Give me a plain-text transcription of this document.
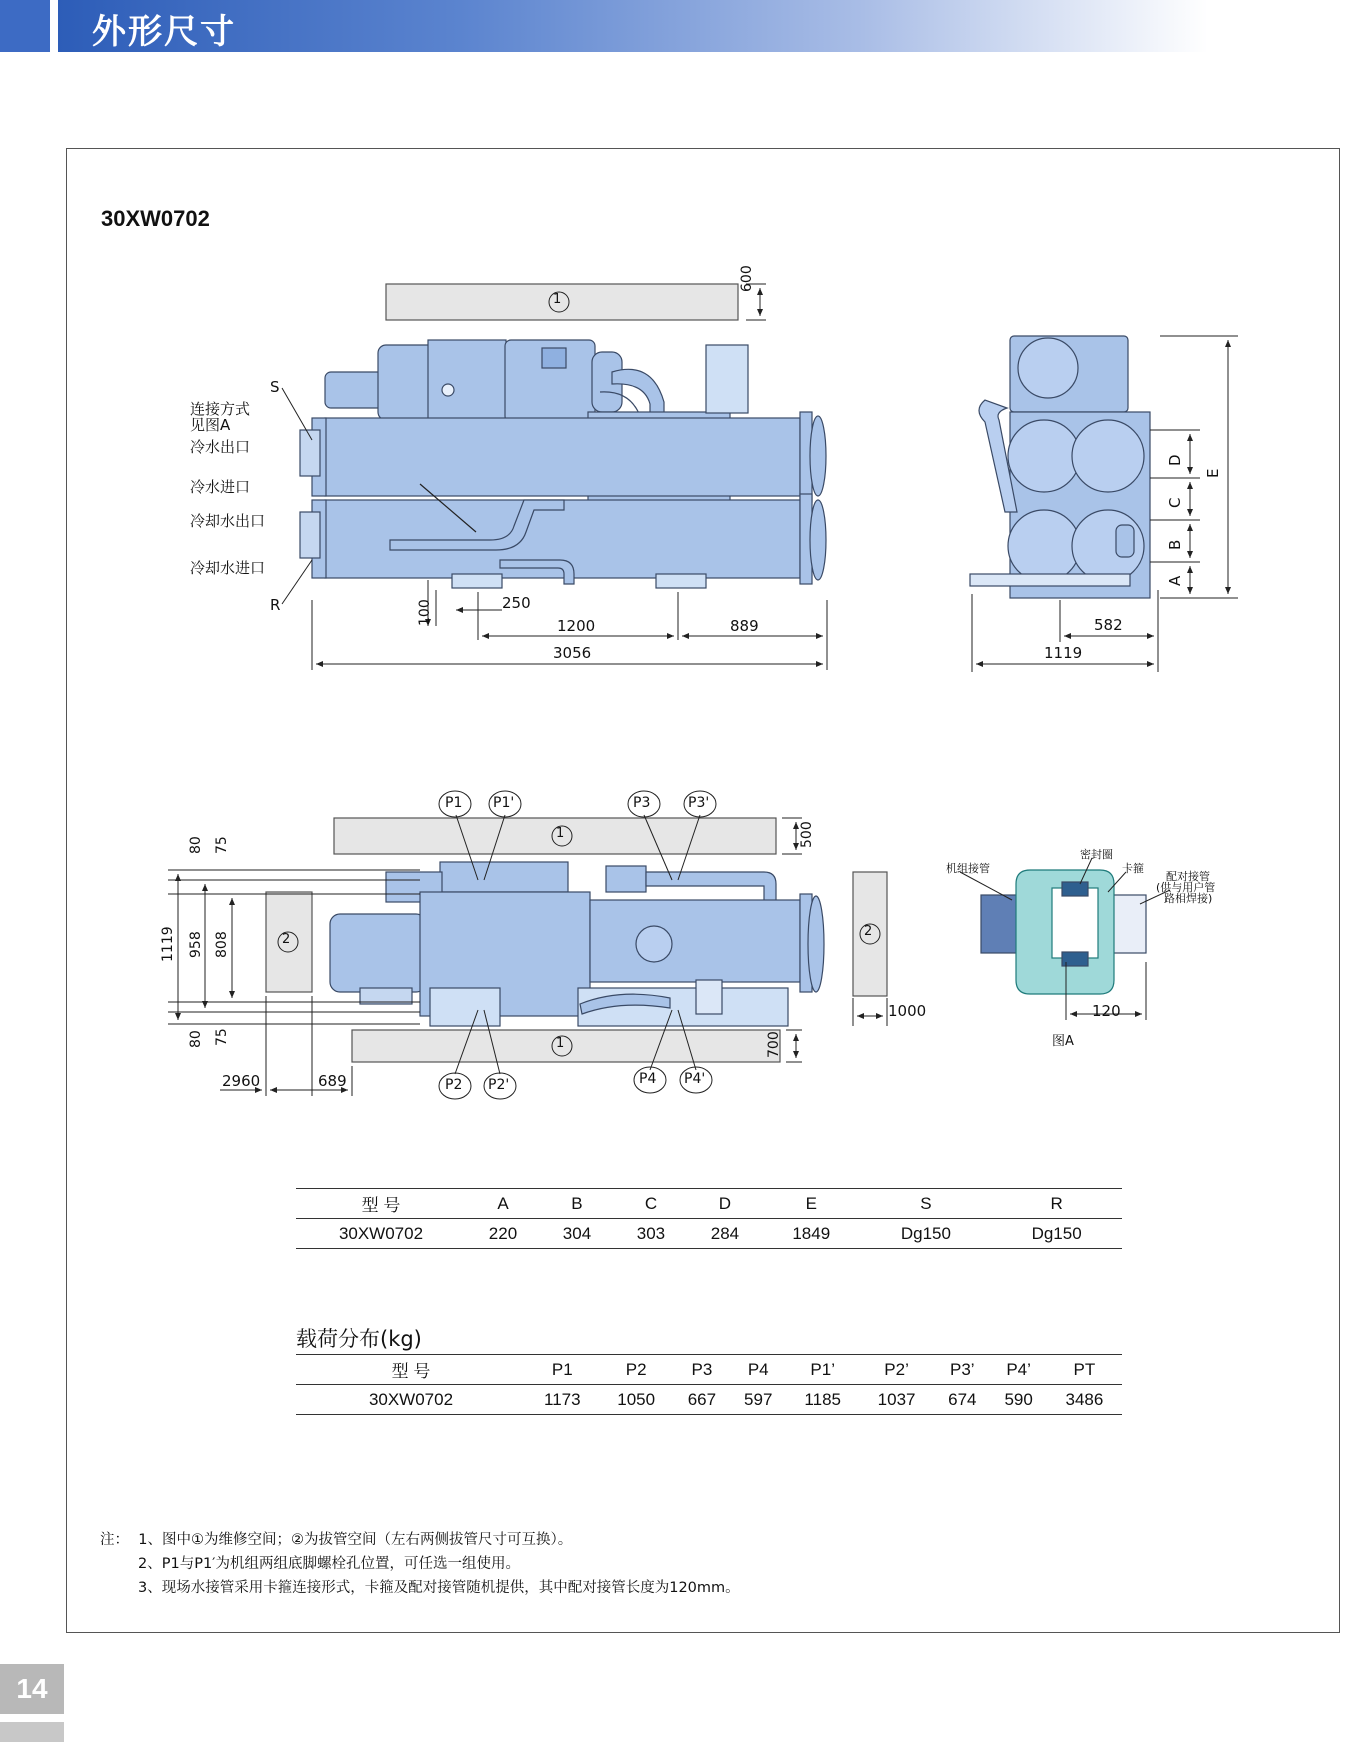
外形尺寸
30XW0702
1
600
S
R
连接方式
见图A
冷水出口
冷水进口
冷却水出口
冷却水进口
100	250
1200	889
3056
D
C
B
A
E
582
1119
P1 P1'	P3	P3'
P2 P2'	P4 P4'
1
1
2
2
500
700
1000
80 75
1119 958 808
80 75
2960	689
机组接管
密封圈
卡箍
配对接管
(供与用户管
路相焊接)
120
图A
型 号	A	B	C	D	E	S	R
30XW0702	220	304	303	284	1849	Dg150	Dg150
载荷分布(kg)
型 号	P1	P2	P3	P4	P1’	P2’	P3’	P4’	PT
30XW0702	1173	1050	667	597	1185	1037	674	590	3486
注： 1、图中①为维修空间；②为拔管空间（左右两侧拔管尺寸可互换）。
2、P1与P1′为机组两组底脚螺栓孔位置，可任选一组使用。
3、现场水接管采用卡箍连接形式，卡箍及配对接管随机提供，其中配对接管长度为120mm。
14
